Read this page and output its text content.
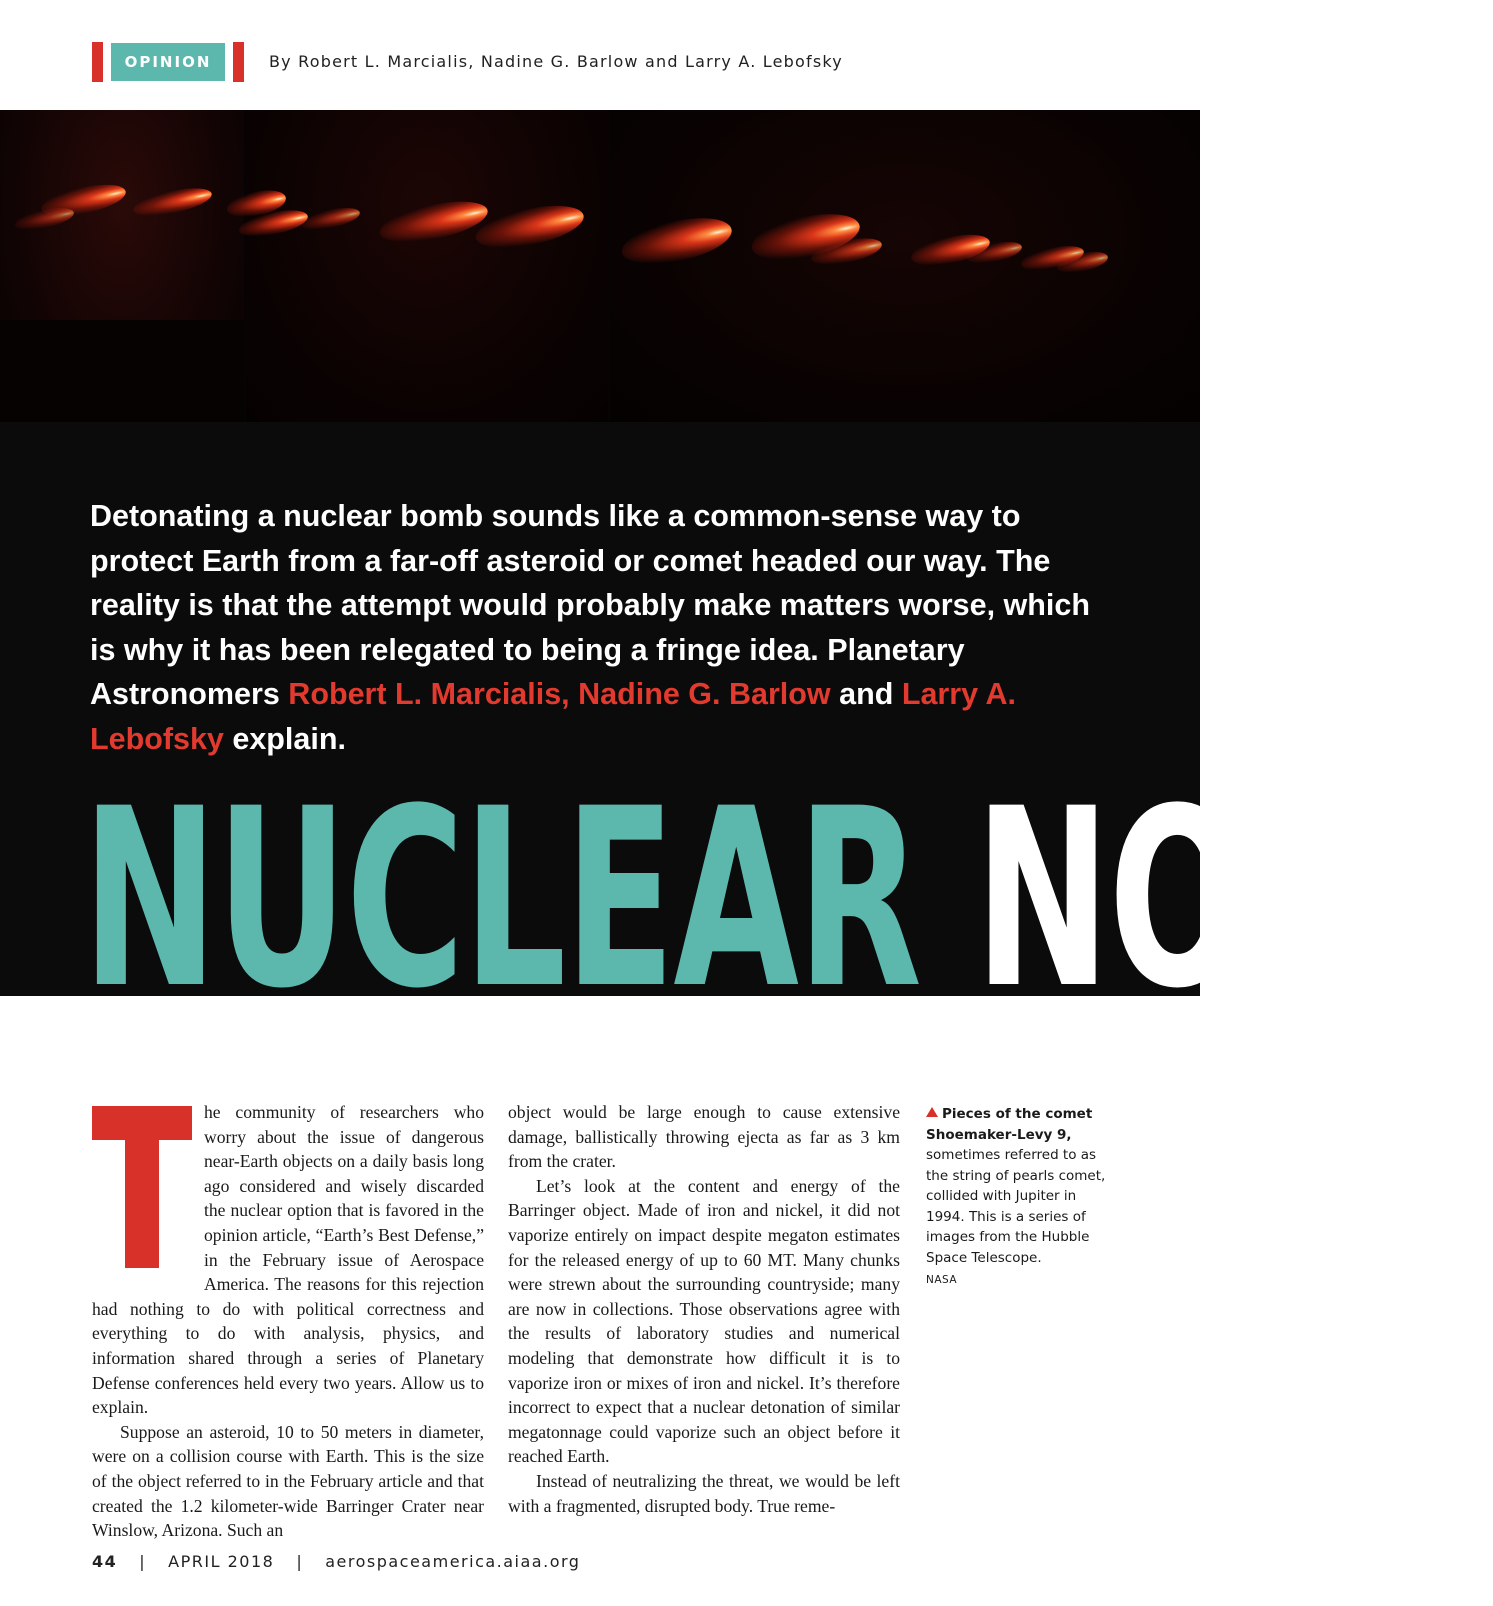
OPINION	By Robert L. Marcialis, Nadine G. Barlow and Larry A. Lebofsky
Detonating a nuclear bomb sounds like a common-sense way to protect Earth from a far-off asteroid or comet headed our way. The reality is that the attempt would probably make matters worse, which is why it has been relegated to being a fringe idea. Planetary Astronomers Robert L. Marcialis, Nadine G. Barlow and Larry A. Lebofsky explain.
NUCLEAR NONS

he community of researchers who worry about the issue of dangerous near-Earth objects on a daily basis long ago considered and wisely discarded the nuclear option that is favored in the opinion article, “Earth’s Best Defense,” in the February issue of Aerospace America. The reasons for this rejection had nothing to do with political correctness and everything to do with analysis, physics, and information shared through a series of Planetary Defense conferences held every two years. Allow us to explain.

Suppose an asteroid, 10 to 50 meters in diameter, were on a collision course with Earth. This is the size of the object referred to in the February article and that created the 1.2 kilometer-wide Barringer Crater near Winslow, Arizona. Such an

object would be large enough to cause extensive damage, ballistically throwing ejecta as far as 3 km from the crater.

Let’s look at the content and energy of the Barringer object. Made of iron and nickel, it did not vaporize entirely on impact despite megaton estimates for the released energy of up to 60 MT. Many chunks were strewn about the surrounding countryside; many are now in collections. Those observations agree with the results of laboratory studies and numerical modeling that demonstrate how difficult it is to vaporize iron or mixes of iron and nickel. It’s therefore incorrect to expect that a nuclear detonation of similar megatonnage could vaporize such an object before it reached Earth.

Instead of neutralizing the threat, we would be left with a fragmented, disrupted body. True reme-

Pieces of the comet Shoemaker-Levy 9, sometimes referred to as the string of pearls comet, collided with Jupiter in 1994. This is a series of images from the Hubble Space Telescope.
NASA
44 | APRIL 2018 | aerospaceamerica.aiaa.org
